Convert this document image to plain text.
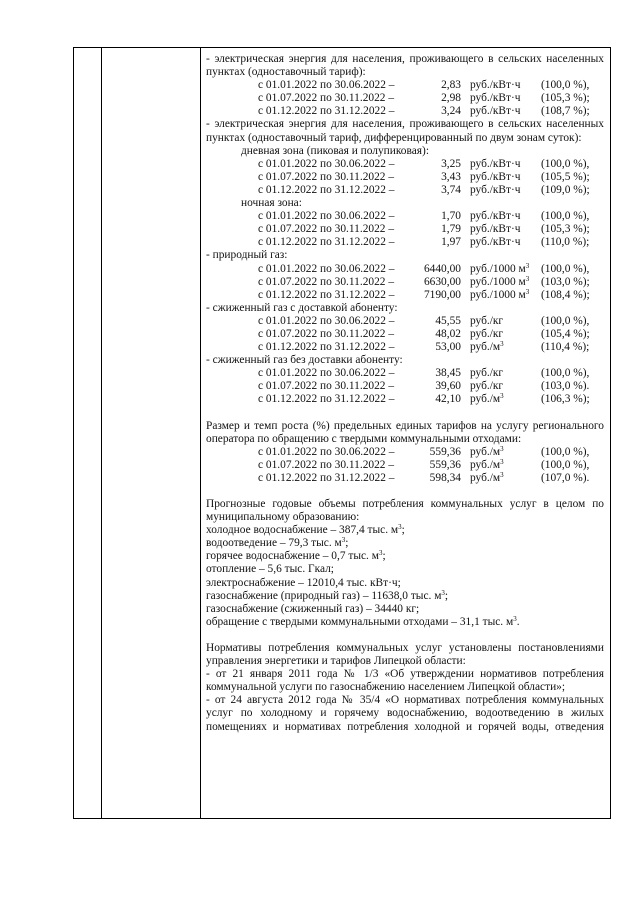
- электрическая энергия для населения, проживающего в сельских населенных пунктах (одноставочный тариф):

с 01.01.2022 по 30.06.2022 –	2,83 руб./кВт·ч (100,0 %),
с 01.07.2022 по 30.11.2022 –	2,98 руб./кВт·ч (105,3 %);
с 01.12.2022 по 31.12.2022 –	3,24 руб./кВт·ч (108,7 %);

- электрическая энергия для населения, проживающего в сельских населенных пунктах (одноставочный тариф, дифференцированный по двум зонам суток):

дневная зона (пиковая и полупиковая):
с 01.01.2022 по 30.06.2022 –	3,25 руб./кВт·ч (100,0 %),
с 01.07.2022 по 30.11.2022 –	3,43 руб./кВт·ч (105,5 %);
с 01.12.2022 по 31.12.2022 –	3,74 руб./кВт·ч (109,0 %);
ночная зона:
с 01.01.2022 по 30.06.2022 –	1,70 руб./кВт·ч (100,0 %),
с 01.07.2022 по 30.11.2022 –	1,79 руб./кВт·ч (105,3 %);
с 01.12.2022 по 31.12.2022 –	1,97 руб./кВт·ч (110,0 %);

- природный газ:

с 01.01.2022 по 30.06.2022 –	6440,00 руб./1000 $м^3$ (100,0 %),
с 01.07.2022 по 30.11.2022 –	6630,00 руб./1000 $м^3$ (103,0 %);
с 01.12.2022 по 31.12.2022 –	7190,00 руб./1000 $м^3$ (108,4 %);

- сжиженный газ с доставкой абоненту:

с 01.01.2022 по 30.06.2022 –	45,55 руб./кг	(100,0 %),
с 01.07.2022 по 30.11.2022 –	48,02 руб./кг	(105,4 %);
с 01.12.2022 по 31.12.2022 –	53,00 $руб./м^3$	(110,4 %);

- сжиженный газ без доставки абоненту:

с 01.01.2022 по 30.06.2022 –	38,45 руб./кг	(100,0 %),
с 01.07.2022 по 30.11.2022 –	39,60 руб./кг	(103,0 %).
с 01.12.2022 по 31.12.2022 –	42,10 $руб./м^3$	(106,3 %);

Размер и темп роста (%) предельных единых тарифов на услугу регионального оператора по обращению с твердыми коммунальными отходами:

с 01.01.2022 по 30.06.2022 –	559,36 $руб./м^3$	(100,0 %),
с 01.07.2022 по 30.11.2022 –	559,36 $руб./м^3$	(100,0 %),
с 01.12.2022 по 31.12.2022 –	598,34 $руб./м^3$	(107,0 %).

Прогнозные годовые объемы потребления коммунальных услуг в целом по муниципальному образованию:

холодное водоснабжение – 387,4 тыс. $м^3$;
водоотведение – 79,3 тыс. $м^3$;
горячее водоснабжение – 0,7 тыс. $м^3$;
отопление – 5,6 тыс. Гкал;
электроснабжение – 12010,4 тыс. кВт·ч;
газоснабжение (природный газ) – 11638,0 тыс. $м^3$;
газоснабжение (сжиженный газ) – 34440 кг;
обращение с твердыми коммунальными отходами – 31,1 тыс. $м^3$.

Нормативы потребления коммунальных услуг установлены постановлениями управления энергетики и тарифов Липецкой области:

- от 21 января 2011 года № 1/3 «Об утверждении нормативов потребления коммунальной услуги по газоснабжению населением Липецкой области»;

- от 24 августа 2012 года № 35/4 «О нормативах потребления коммунальных услуг по холодному и горячему водоснабжению, водоотведению в жилых помещениях и нормативах потребления холодной и горячей воды, отведения
